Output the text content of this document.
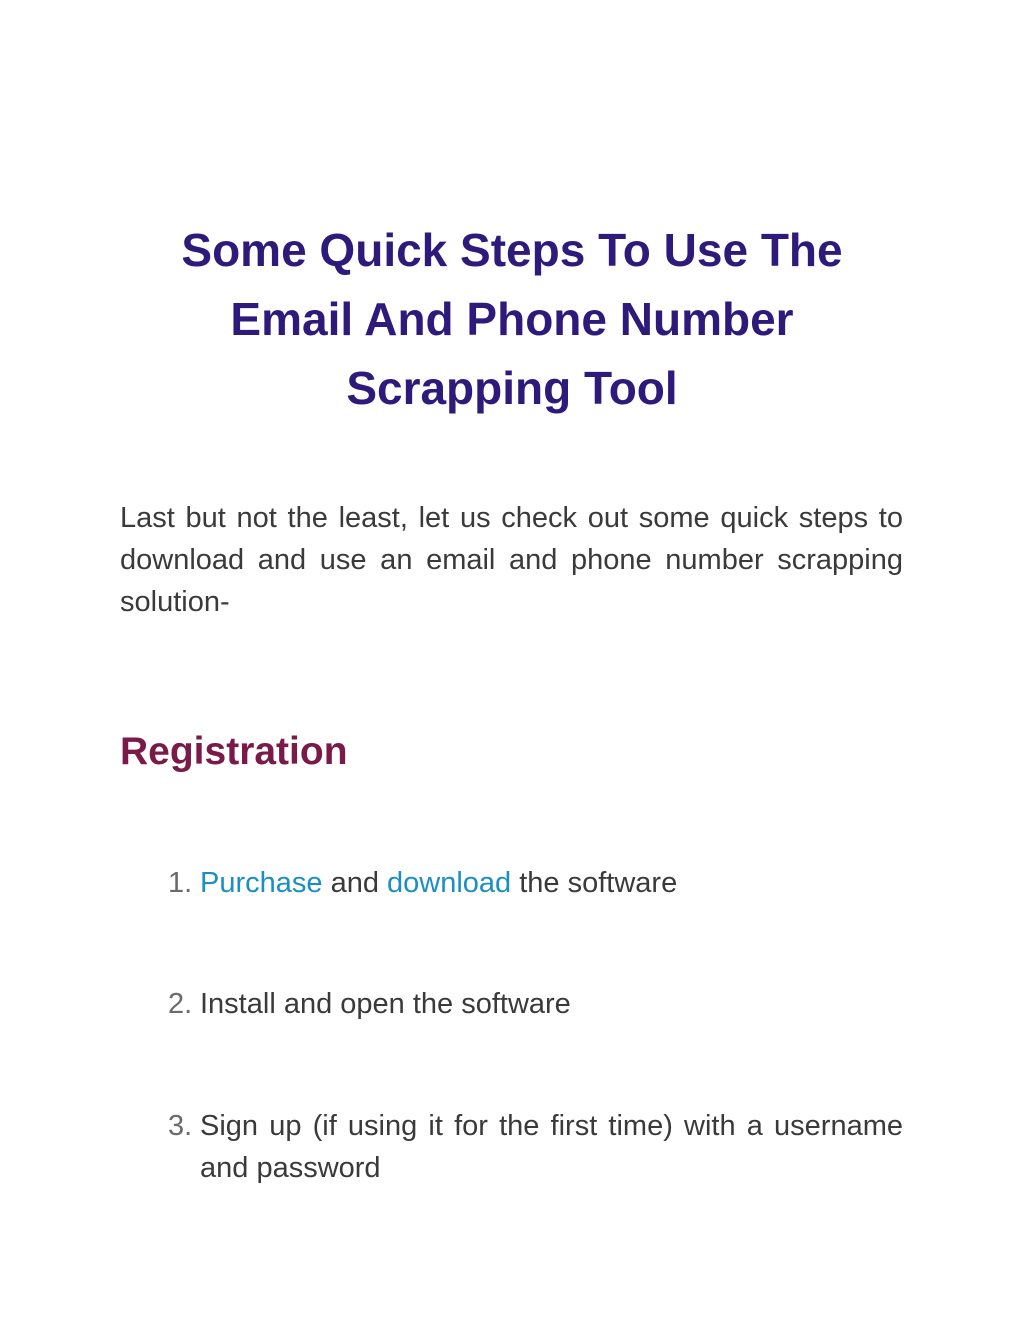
Some Quick Steps To Use The
Email And Phone Number
Scrapping Tool

Last but not the least, let us check out some quick steps to download and use an email and phone number scrapping solution-

Registration
1. Purchase and download the software
2. Install and open the software
3. Sign up (if using it for the first time) with a username and password
